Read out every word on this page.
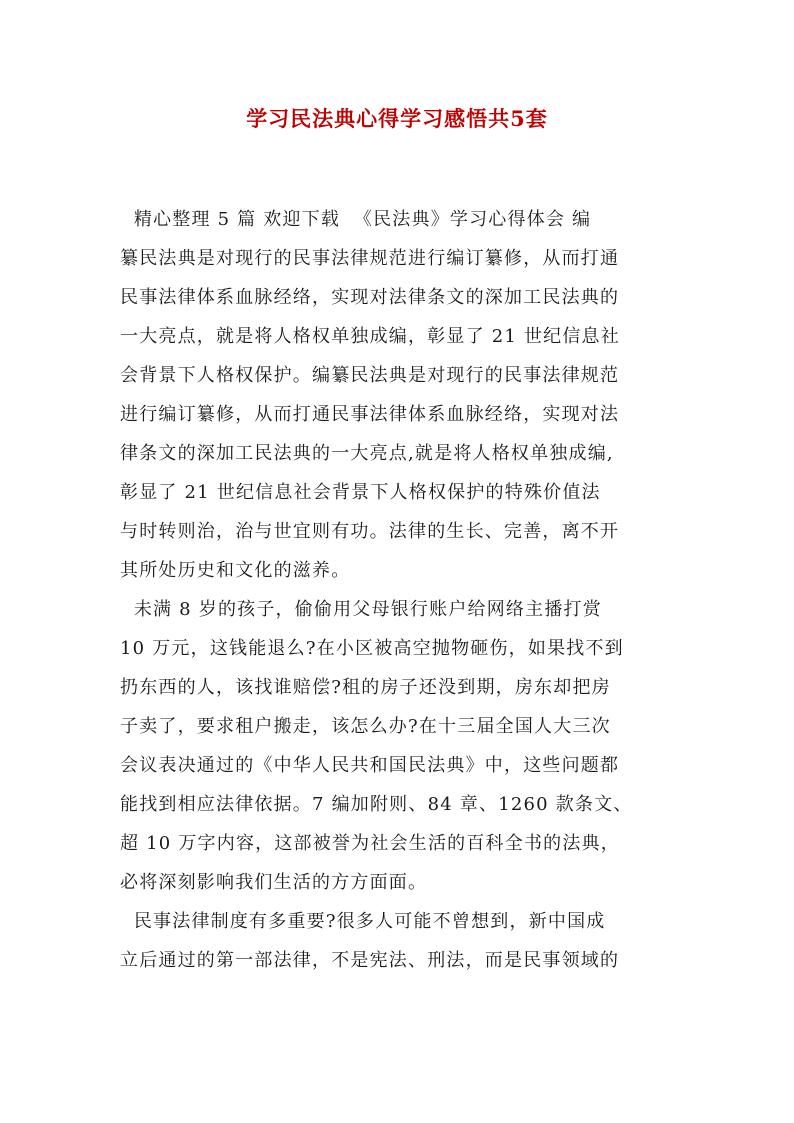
学习民法典心得学习感悟共5套
精心整理 5 篇 欢迎下载  《民法典》学习心得体会 编
纂民法典是对现行的民事法律规范进行编订纂修，从而打通
民事法律体系血脉经络，实现对法律条文的深加工民法典的
一大亮点，就是将人格权单独成编，彰显了 21 世纪信息社
会背景下人格权保护。编纂民法典是对现行的民事法律规范
进行编订纂修，从而打通民事法律体系血脉经络，实现对法
律条文的深加工民法典的一大亮点,就是将人格权单独成编,
彰显了 21 世纪信息社会背景下人格权保护的特殊价值法
与时转则治，治与世宜则有功。法律的生长、完善，离不开
其所处历史和文化的滋养。
未满 8 岁的孩子，偷偷用父母银行账户给网络主播打赏
10 万元，这钱能退么?在小区被高空抛物砸伤，如果找不到
扔东西的人，该找谁赔偿?租的房子还没到期，房东却把房
子卖了，要求租户搬走，该怎么办?在十三届全国人大三次
会议表决通过的《中华人民共和国民法典》中，这些问题都
能找到相应法律依据。7 编加附则、84 章、1260 款条文、
超 10 万字内容，这部被誉为社会生活的百科全书的法典，
必将深刻影响我们生活的方方面面。
民事法律制度有多重要?很多人可能不曾想到，新中国成
立后通过的第一部法律，不是宪法、刑法，而是民事领域的
